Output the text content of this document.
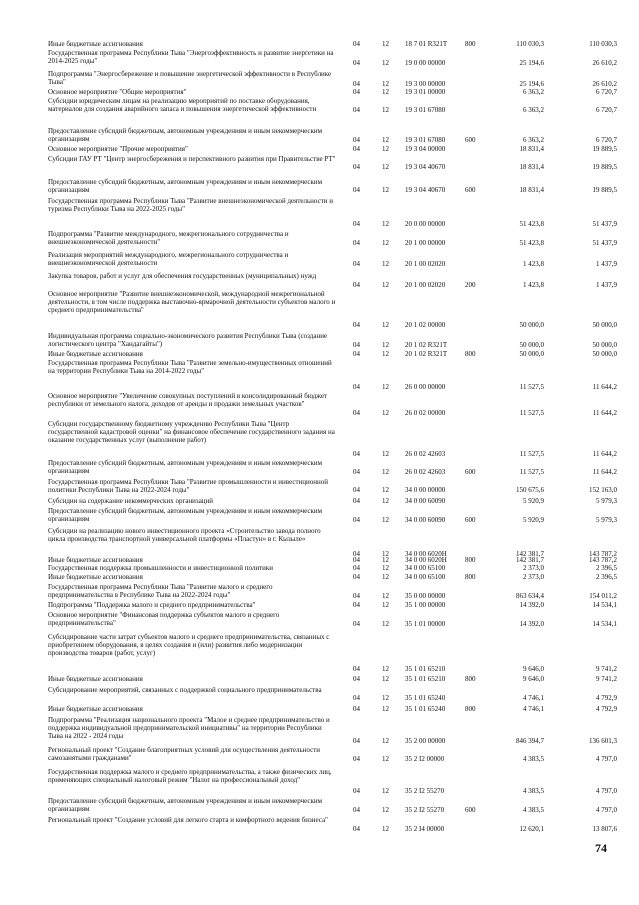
Иные бюджетные ассигнования	04	12 18 7 01 R321T	800	110 030,3	110 030,3
Государственная программа Республики Тыва "Энергоэффективность и развитие энергетики на 2014-2025 годы"	04	12 19 0 00 00000	25 194,6	26 610,2
Подпрограмма "Энергосбережение и повышение энергетической эффективности в Республике Тыва"	04	12 19 3 00 00000	25 194,6	26 610,2
Основное мероприятие "Общие мероприятия"	04	12 19 3 01 00000	6 363,2	6 720,7
Субсидии юридическим лицам на реализацию мероприятий по поставке оборудования, материалов для создания аварийного запаса и повышения энергетической эффективности	04	12 19 3 01 67080	6 363,2	6 720,7
Предоставление субсидий бюджетным, автономным учреждениям и иным некоммерческим организациям	04	12 19 3 01 67080	600	6 363,2	6 720,7
Основное мероприятие "Прочие мероприятия"	04	12 19 3 04 00000	18 831,4	19 889,5
Субсидии ГАУ РТ "Центр энергосбережения и перспективного развития при Правительстве РТ"
04	12 19 3 04 40670	18 831,4	19 889,5
Предоставление субсидий бюджетным, автономным учреждениям и иным некоммерческим организациям	04	12 19 3 04 40670	600	18 831,4	19 889,5
Государственная программа Республики Тыва "Развитие внешнеэкономической деятельности и туризма Республики Тыва на 2022-2025 годы"
04	12 20 0 00 00000	51 423,8	51 437,9
Подпрограмма "Развитие международного, межрегионального сотрудничества и внешнеэкономической деятельности"	04	12 20 1 00 00000	51 423,8	51 437,9
Реализация мероприятий международного, межрегионального сотрудничества и внешнеэкономической деятельности	04	12 20 1 00 02020	1 423,8	1 437,9
Закупка товаров, работ и услуг для обеспечения государственных (муниципальных) нужд
04	12 20 1 00 02020	200	1 423,8	1 437,9
Основное мероприятие "Развитие внешнеэкономической, международной межрегиональной деятельности, в том числе поддержка выставочно-ярмарочной деятельности субъектов малого и среднего предпринимательства"
04	12 20 1 02 00000	50 000,0	50 000,0
Индивидуальная программа социально-экономического развития Республики Тыва (создание логистического центра "Хандагайты")	04	12 20 1 02 R321T	50 000,0	50 000,0
Иные бюджетные ассигнования	04	12 20 1 02 R321T	800	50 000,0	50 000,0
Государственная программа Республики Тыва "Развитие земельно-имущественных отношений на территории Республики Тыва на 2014-2022 годы"
04	12 26 0 00 00000	11 527,5	11 644,2
Основное мероприятие "Увеличение совокупных поступлений в консолидированный бюджет республики от земельного налога, доходов от аренды и продажи земельных участков"
04	12 26 0 02 00000	11 527,5	11 644,2
Субсидии государственному бюджетному учреждению Республики Тыва "Центр государственной кадастровой оценки" на финансовое обеспечение государственного задания на оказание государственных услуг (выполнение работ)
04	12 26 0 02 42603	11 527,5	11 644,2
Предоставление субсидий бюджетным, автономным учреждениям и иным некоммерческим организациям	04	12 26 0 02 42603	600	11 527,5	11 644,2
Государственная программа Республики Тыва "Развитие промышленности и инвестиционной политики Республики Тыва на 2022-2024 годы"	04	12 34 0 00 00000	150 675,6	152 163,0
Субсидии на содержание некоммерческих организаций	04	12 34 0 00 60090	5 920,9	5 979,3
Предоставление субсидий бюджетным, автономным учреждениям и иным некоммерческим организациям	04	12 34 0 00 60090	600	5 920,9	5 979,3
Субсидии на реализацию нового инвестиционного проекта «Строительство завода полного цикла производства транспортной универсальной платформы «Пластун» в г. Кызыле»
04	12 34 0 00 6020H	142 381,7	143 787,2
Иные бюджетные ассигнования	04	12 34 0 00 6020H	800	142 381,7	143 787,2
Государственная поддержка промышленности и инвестиционной политики	04	12 34 0 00 65100	2 373,0	2 396,5
Иные бюджетные ассигнования	04	12 34 0 00 65100	800	2 373,0	2 396,5
Государственная программа Республики Тыва "Развитие малого и среднего предпринимательства в Республике Тыва на 2022-2024 годы"	04	12 35 0 00 00000	863 634,4	154 011,2
Подпрограмма "Поддержка малого и среднего предпринимательства"	04	12 35 1 00 00000	14 392,0	14 534,1
Основное мероприятие "Финансовая поддержка субъектов малого и среднего предпринимательства"	04	12 35 1 01 00000	14 392,0	14 534,1
Субсидирование части затрат субъектов малого и среднего предпринимательства, связанных с приобретением оборудования, в целях создания и (или) развития либо модернизации производства товаров (работ, услуг)
04	12 35 1 01 65210	9 646,0	9 741,2
Иные бюджетные ассигнования	04	12 35 1 01 65210	800	9 646,0	9 741,2
Субсидирование мероприятий, связанных с поддержкой социального предпринимательства
04	12 35 1 01 65240	4 746,1	4 792,9
Иные бюджетные ассигнования	04	12 35 1 01 65240	800	4 746,1	4 792,9
Подпрограмма "Реализация национального проекта "Малое и среднее предпринимательство и поддержка индивидуальной предпринимательской инициативы" на территории Республики Тыва на 2022 - 2024 годы
04	12 35 2 00 00000	846 394,7	136 601,3
Региональный проект "Создание благоприятных условий для осуществления деятельности самозанятыми гражданами"	04	12 35 2 I2 00000	4 383,5	4 797,0
Государственная поддержка малого и среднего предпринимательства, а также физических лиц, применяющих специальный налоговый режим "Налог на профессиональный доход"
04	12 35 2 I2 55270	4 383,5	4 797,0
Предоставление субсидий бюджетным, автономным учреждениям и иным некоммерческим организациям	04	12 35 2 I2 55270	600	4 383,5	4 797,0
Региональный проект "Создание условий для легкого старта и комфортного ведения бизнеса"
04	12 35 2 I4 00000	12 620,1	13 807,6
74
